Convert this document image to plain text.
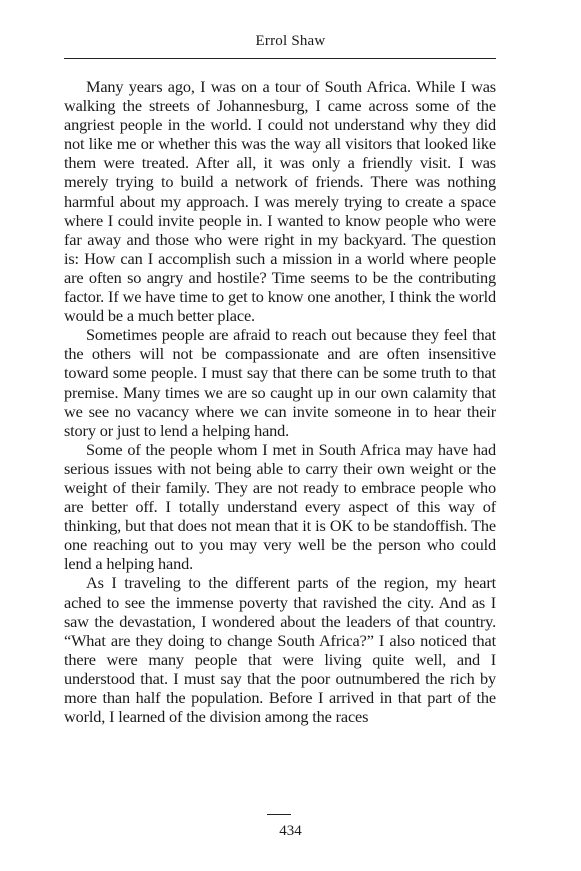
Errol Shaw

Many years ago, I was on a tour of South Africa. While I was walking the streets of Johannesburg, I came across some of the angriest people in the world. I could not understand why they did not like me or whether this was the way all visitors that looked like them were treated. After all, it was only a friendly visit. I was merely trying to build a network of friends. There was nothing harmful about my approach. I was merely trying to create a space where I could invite people in. I wanted to know people who were far away and those who were right in my backyard. The question is: How can I accomplish such a mission in a world where people are often so angry and hostile? Time seems to be the contributing factor. If we have time to get to know one another, I think the world would be a much better place.

Sometimes people are afraid to reach out because they feel that the others will not be compassionate and are often insensitive toward some people. I must say that there can be some truth to that premise. Many times we are so caught up in our own calamity that we see no vacancy where we can invite someone in to hear their story or just to lend a helping hand.

Some of the people whom I met in South Africa may have had serious issues with not being able to carry their own weight or the weight of their family. They are not ready to embrace people who are better off. I totally understand every aspect of this way of thinking, but that does not mean that it is OK to be standoffish. The one reaching out to you may very well be the person who could lend a helping hand.

As I traveling to the different parts of the region, my heart ached to see the immense poverty that ravished the city. And as I saw the devastation, I wondered about the leaders of that country. “What are they doing to change South Africa?” I also noticed that there were many people that were living quite well, and I understood that. I must say that the poor outnumbered the rich by more than half the population. Before I arrived in that part of the world, I learned of the division among the races

434
